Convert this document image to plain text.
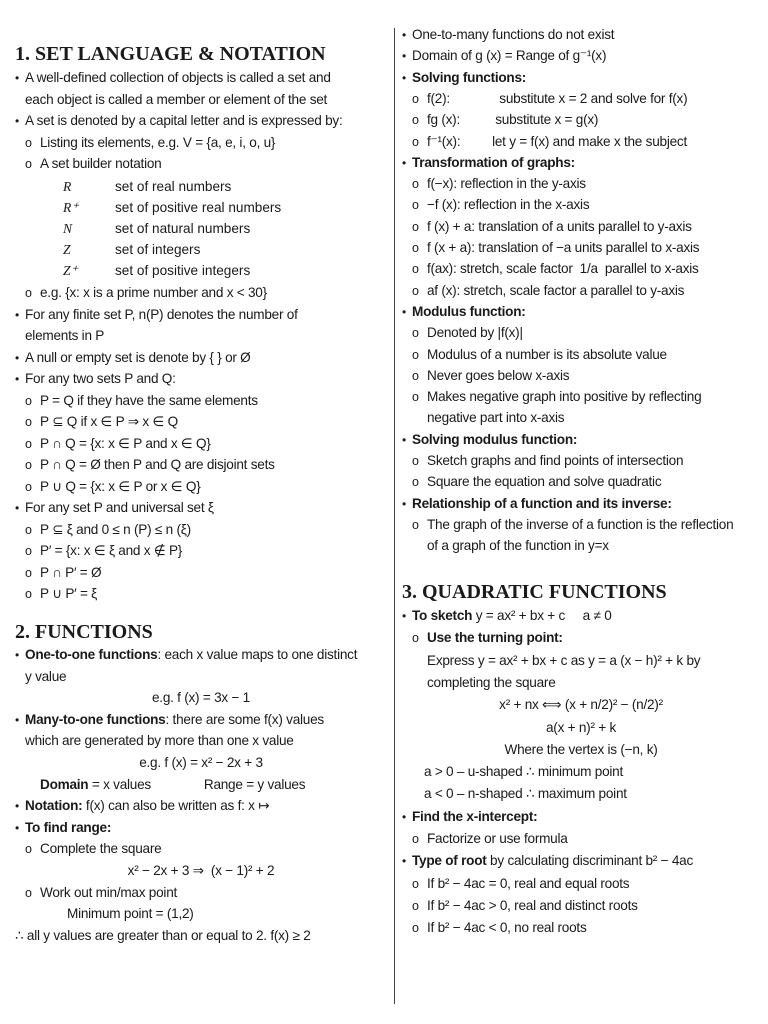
1. SET LANGUAGE & NOTATION
• A well-defined collection of objects is called a set and
each object is called a member or element of the set
• A set is denoted by a capital letter and is expressed by:
o Listing its elements, e.g. V = {a, e, i, o, u}
o A set builder notation
R	set of real numbers
R⁺	set of positive real numbers
N	set of natural numbers
Z	set of integers
Z⁺	set of positive integers
o e.g. {x: x is a prime number and x < 30}
• For any finite set P, n(P) denotes the number of
elements in P
• A null or empty set is denote by { } or Ø
• For any two sets P and Q:
o P = Q if they have the same elements
o P ⊆ Q if x ∈ P ⇒ x ∈ Q
o P ∩ Q = {x: x ∈ P and x ∈ Q}
o P ∩ Q = Ø then P and Q are disjoint sets
o P ∪ Q = {x: x ∈ P or x ∈ Q}
• For any set P and universal set ξ
o P ⊆ ξ and 0 ≤ n (P) ≤ n (ξ)
o P′ = {x: x ∈ ξ and x ∉ P}
o P ∩ P′ = Ø
o P ∪ P′ = ξ
2. FUNCTIONS
• One-to-one functions: each x value maps to one distinct
y value
e.g. f (x) = 3x − 1
• Many-to-one functions: there are some f(x) values
which are generated by more than one x value
e.g. f (x) = x² − 2x + 3
Domain = x values               Range = y values
• Notation: f(x) can also be written as f: x ↦
• To find range:
o Complete the square
x² − 2x + 3 ⇒  (x − 1)² + 2
o Work out min/max point
Minimum point = (1,2)
∴ all y values are greater than or equal to 2. f(x) ≥ 2
• One-to-many functions do not exist
• Domain of g (x) = Range of g⁻¹(x)
• Solving functions:
o f(2):              substitute x = 2 and solve for f(x)
o fg (x):          substitute x = g(x)
o f⁻¹(x):         let y = f(x) and make x the subject
• Transformation of graphs:
o f(−x): reflection in the y-axis
o −f (x): reflection in the x-axis
o f (x) + a: translation of a units parallel to y-axis
o f (x + a): translation of −a units parallel to x-axis
o f(ax): stretch, scale factor  1/a  parallel to x-axis
o af (x): stretch, scale factor a parallel to y-axis
• Modulus function:
o Denoted by |f(x)|
o Modulus of a number is its absolute value
o Never goes below x-axis
o Makes negative graph into positive by reflecting
negative part into x-axis
• Solving modulus function:
o Sketch graphs and find points of intersection
o Square the equation and solve quadratic
• Relationship of a function and its inverse:
o The graph of the inverse of a function is the reflection
of a graph of the function in y=x
3. QUADRATIC FUNCTIONS
• To sketch y = ax² + bx + c     a ≠ 0
o Use the turning point:
Express y = ax² + bx + c as y = a (x − h)² + k by
completing the square
x² + nx ⟺ (x + n/2)² − (n/2)²
a(x + n)² + k
Where the vertex is (−n, k)
a > 0 – u-shaped ∴ minimum point
a < 0 – n-shaped ∴ maximum point
• Find the x-intercept:
o Factorize or use formula
• Type of root by calculating discriminant b² − 4ac
o If b² − 4ac = 0, real and equal roots
o If b² − 4ac > 0, real and distinct roots
o If b² − 4ac < 0, no real roots
